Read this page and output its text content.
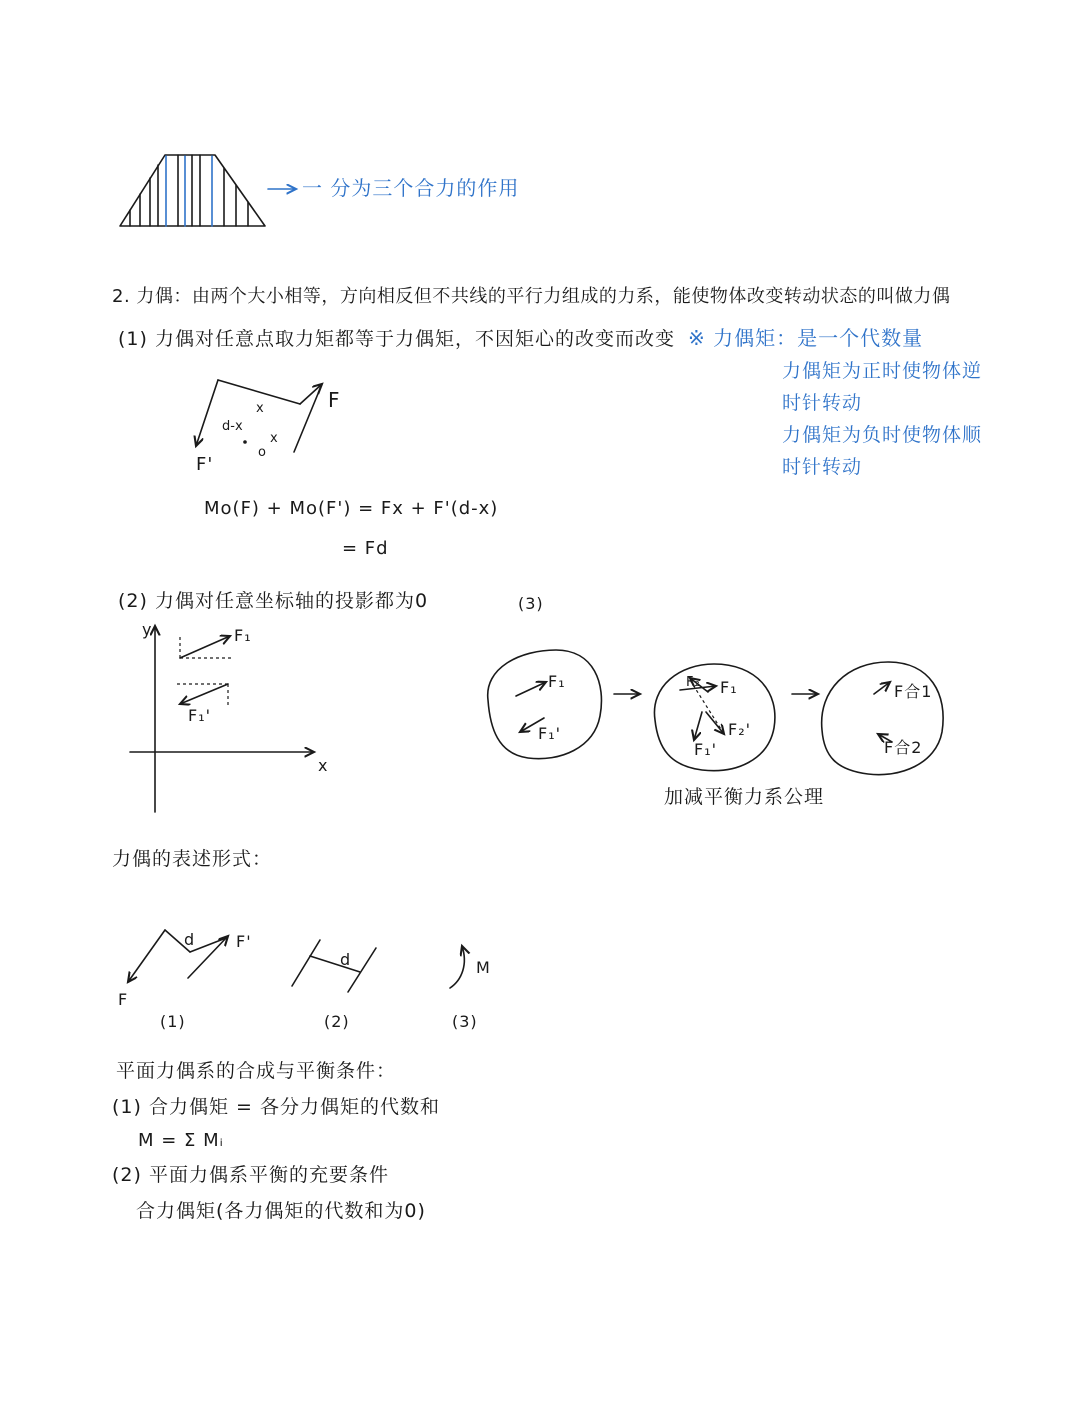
x
d-x
o
x
一 分为三个合力的作用
2. 力偶：由两个大小相等，方向相反但不共线的平行力组成的力系，能使物体改变转动状态的叫做力偶
(1) 力偶对任意点取力矩都等于力偶矩，不因矩心的改变而改变 ※ 力偶矩：是一个代数量
力偶矩为正时使物体逆
时针转动
力偶矩为负时使物体顺
时针转动
F
F'
Mo(F) + Mo(F') = Fx + F'(d-x)
= Fd
(2) 力偶对任意坐标轴的投影都为0	(3)
y
x
F₁
F₁'
F₁
F₁'
F₂ F₁
F₁'
F₂'
F合1
F合2
加减平衡力系公理
力偶的表述形式：
F
F'
d
(1)
d
(2)
M
(3)
平面力偶系的合成与平衡条件：
(1) 合力偶矩 = 各分力偶矩的代数和
M = Σ Mᵢ
(2) 平面力偶系平衡的充要条件
合力偶矩(各力偶矩的代数和为0)
